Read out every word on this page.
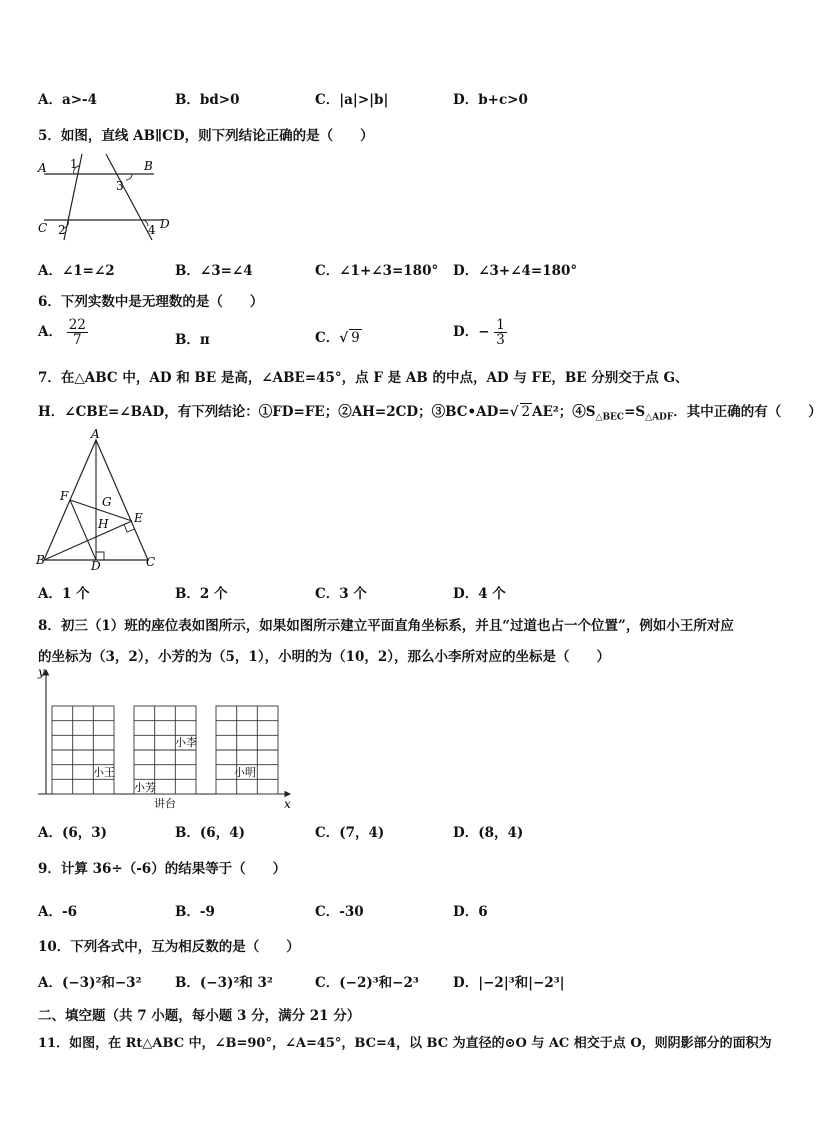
A．a>-4	B．bd>0	C．|a|>|b|	D．b+c>0
5．如图，直线 AB∥CD，则下列结论正确的是（　　）
A	B
C	D
1
2
3
4
A．∠1=∠2	B．∠3=∠4	C．∠1+∠3=180° D．∠3+∠4=180°
6．下列实数中是无理数的是（　　）
A． $\frac{22}{7}$	B．π	C．√ 9	D．− $\frac{1}{3}$
7．在△ABC 中，AD 和 BE 是高，∠ABE=45°，点 F 是 AB 的中点，AD 与 FE，BE 分别交于点 G、
H．∠CBE=∠BAD，有下列结论：①FD=FE；②AH=2CD；③BC•AD=√ 2 AE²；$④S_{\triangle BEC}=S_{\triangle ADF}$．其中正确的有（　　）
A
B	C
D
E
F	G
H
A．1 个	B．2 个	C．3 个	D．4 个
8．初三（1）班的座位表如图所示，如果如图所示建立平面直角坐标系，并且“过道也占一个位置”，例如小王所对应
的坐标为（3，2），小芳的为（5，1），小明的为（10，2），那么小李所对应的坐标是（　　）
y
x
小王
小芳
小李
小明
讲台
A．(6，3)	B．(6，4)	C．(7，4)	D．(8，4)
9．计算 36÷（-6）的结果等于（　　）
A．-6	B．-9	C．-30	D．6
10．下列各式中，互为相反数的是（　　）
A．(−3)²和−3² B．(−3)²和 3²	C．(−2)³和−2³	D．|−2|³和|−2³|
二、填空题（共 7 小题，每小题 3 分，满分 21 分）
11．如图，在 Rt△ABC 中，∠B=90°，∠A=45°，BC=4，以 BC 为直径的⊙O 与 AC 相交于点 O，则阴影部分的面积为
